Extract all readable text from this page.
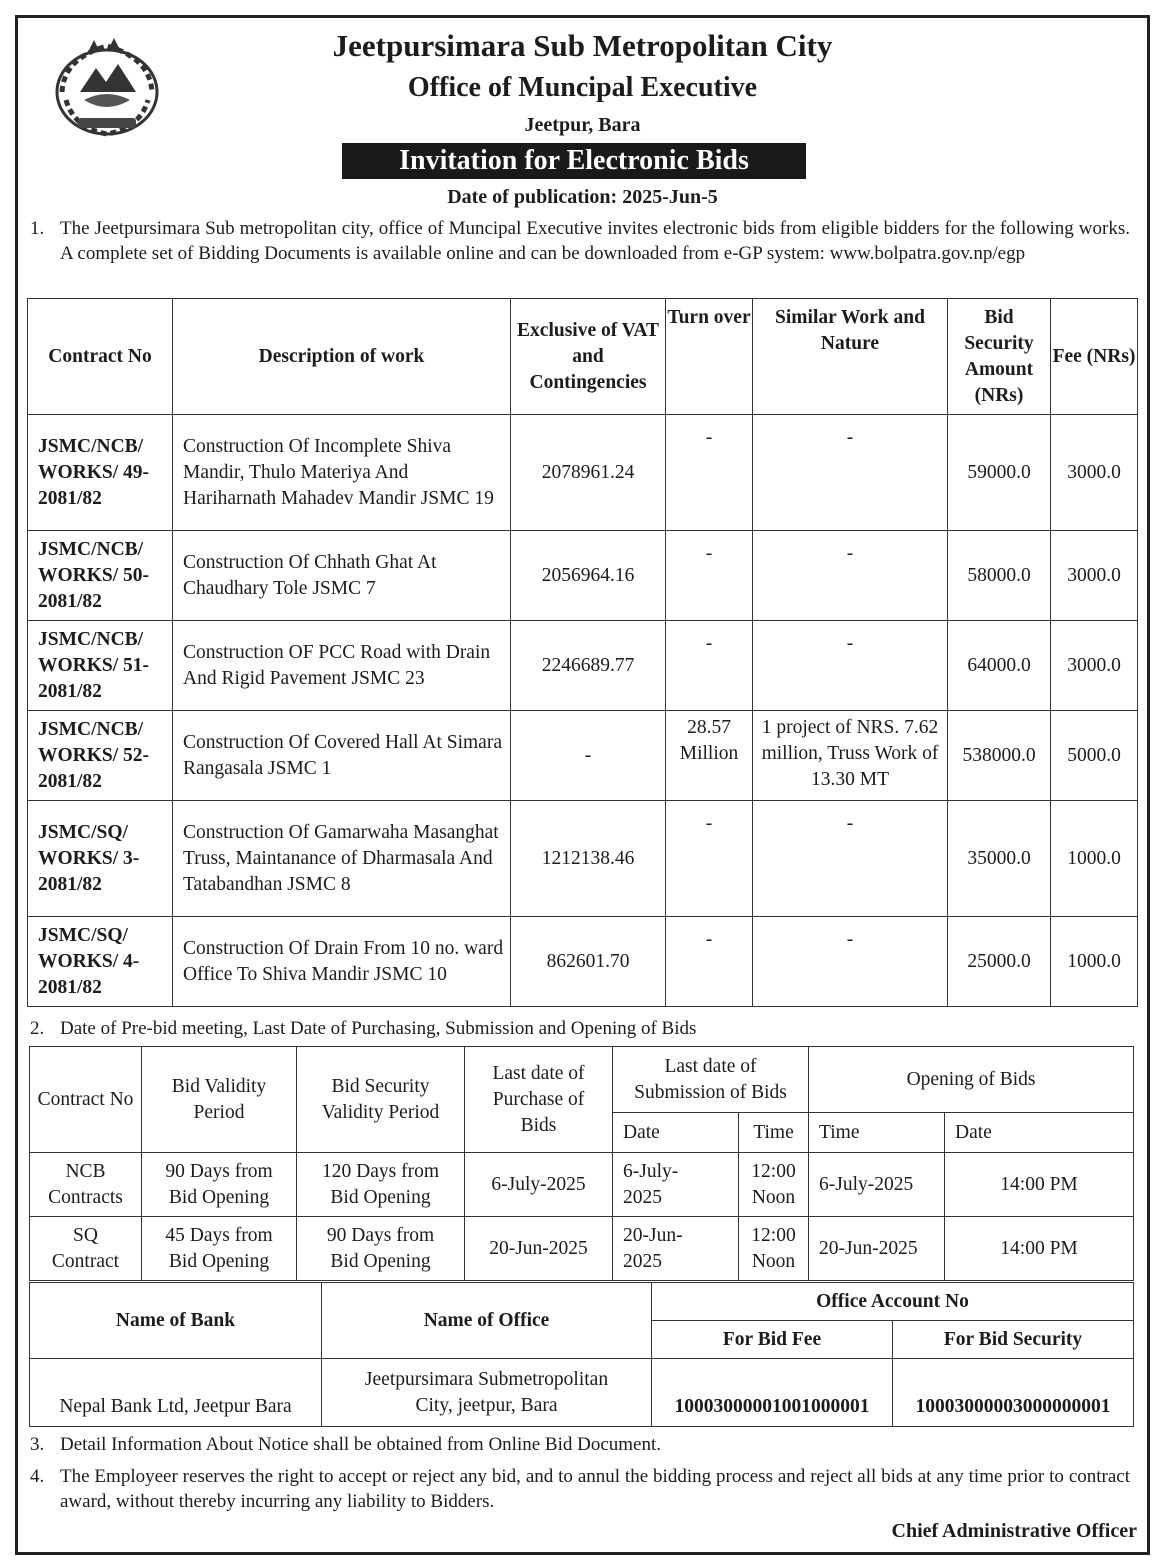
Jeetpursimara Sub Metropolitan City
Office of Muncipal Executive
Jeetpur, Bara
Invitation for Electronic Bids
Date of publication: 2025-Jun-5
1. The Jeetpursimara Sub metropolitan city, office of Muncipal Executive invites electronic bids from eligible bidders for the following works. A complete set of Bidding Documents is available online and can be downloaded from e-GP system: www.bolpatra.gov.np/egp
Contract No	Description of work	Exclusive of VAT and Contingencies	Turn over	Similar Work and Nature	Bid Security Amount (NRs)	Fee (NRs)
JSMC/NCB/ WORKS/ 49-2081/82	Construction Of Incomplete Shiva Mandir, Thulo Materiya And Hariharnath Mahadev Mandir JSMC 19	2078961.24	-	-	59000.0	3000.0
JSMC/NCB/ WORKS/ 50-2081/82	Construction Of Chhath Ghat At Chaudhary Tole JSMC 7	2056964.16	-	-	58000.0	3000.0
JSMC/NCB/ WORKS/ 51-2081/82	Construction OF PCC Road with Drain And Rigid Pavement JSMC 23	2246689.77	-	-	64000.0	3000.0
JSMC/NCB/ WORKS/ 52-2081/82	Construction Of Covered Hall At Simara Rangasala JSMC 1	-	28.57 Million	1 project of NRS. 7.62 million, Truss Work of 13.30 MT	538000.0	5000.0
JSMC/SQ/ WORKS/ 3-2081/82	Construction Of Gamarwaha Masanghat Truss, Maintanance of Dharmasala And Tatabandhan JSMC 8	1212138.46	-	-	35000.0	1000.0
JSMC/SQ/ WORKS/ 4-2081/82	Construction Of Drain From 10 no. ward Office To Shiva Mandir JSMC 10	862601.70	-	-	25000.0	1000.0
2. Date of Pre-bid meeting, Last Date of Purchasing, Submission and Opening of Bids
Contract No	Bid Validity Period	Bid Security Validity Period	Last date of Purchase of Bids	Last date of Submission of Bids		Opening of Bids	
				Date	Time	Time	Date
NCB Contracts	90 Days from Bid Opening	120 Days from Bid Opening	6-July-2025	6-July-2025	12:00 Noon	6-July-2025	14:00 PM
SQ Contract	45 Days from Bid Opening	90 Days from Bid Opening	20-Jun-2025	20-Jun-2025	12:00 Noon	20-Jun-2025	14:00 PM
Name of Bank	Name of Office	Office Account No	
		For Bid Fee	For Bid Security
Nepal Bank Ltd, Jeetpur Bara	Jeetpursimara Submetropolitan City, jeetpur, Bara	10003000001001000001	10003000003000000001
3. Detail Information About Notice shall be obtained from Online Bid Document.
4. The Employeer reserves the right to accept or reject any bid, and to annul the bidding process and reject all bids at any time prior to contract award, without thereby incurring any liability to Bidders.
Chief Administrative Officer
